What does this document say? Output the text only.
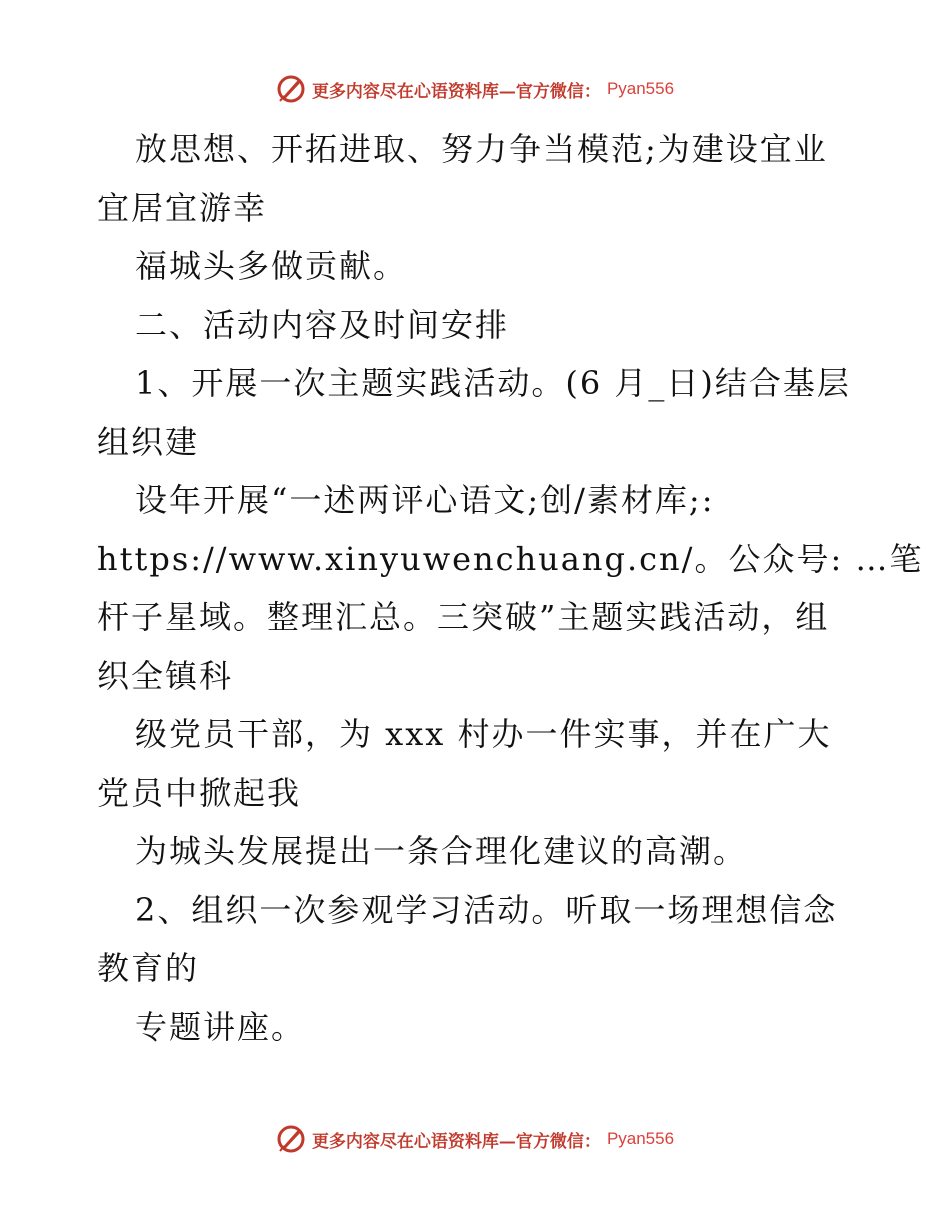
更多内容尽在心语资料库—官方微信： Pyan556
放思想、开拓进取、努力争当模范;为建设宜业
宜居宜游幸
福城头多做贡献。
二、活动内容及时间安排
1、开展一次主题实践活动。(6 月_日)结合基层
组织建
设年开展“一述两评心语文;创/素材库;:
https://www.xinyuwenchuang.cn/。公众号: …笔
杆子星域。整理汇总。三突破”主题实践活动，组
织全镇科
级党员干部，为 xxx 村办一件实事，并在广大
党员中掀起我
为城头发展提出一条合理化建议的高潮。
2、组织一次参观学习活动。听取一场理想信念
教育的
专题讲座。
更多内容尽在心语资料库—官方微信： Pyan556
